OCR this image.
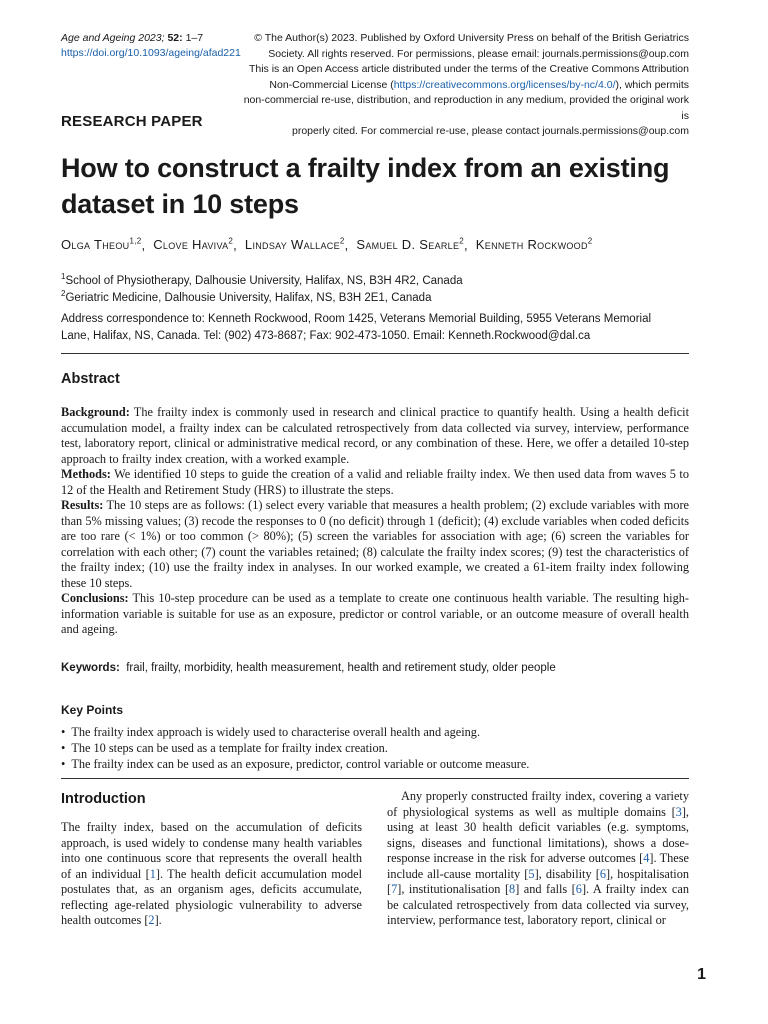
Age and Ageing 2023; 52: 1–7
https://doi.org/10.1093/ageing/afad221
© The Author(s) 2023. Published by Oxford University Press on behalf of the British Geriatrics
Society. All rights reserved. For permissions, please email: journals.permissions@oup.com
This is an Open Access article distributed under the terms of the Creative Commons Attribution
Non-Commercial License (https://creativecommons.org/licenses/by-nc/4.0/), which permits
non-commercial re-use, distribution, and reproduction in any medium, provided the original work is
properly cited. For commercial re-use, please contact journals.permissions@oup.com
RESEARCH PAPER
How to construct a frailty index from an existing dataset in 10 steps
Olga Theou$^{1,2}$,  Clove Haviva$^2$,  Lindsay Wallace$^2$,  Samuel D. Searle$^2$,  Kenneth Rockwood$^2$
$^1$School of Physiotherapy, Dalhousie University, Halifax, NS, B3H 4R2, Canada
$^2$Geriatric Medicine, Dalhousie University, Halifax, NS, B3H 2E1, Canada
Address correspondence to: Kenneth Rockwood, Room 1425, Veterans Memorial Building, 5955 Veterans Memorial Lane, Halifax, NS, Canada. Tel: (902) 473-8687; Fax: 902-473-1050. Email: Kenneth.Rockwood@dal.ca
Abstract
Background: The frailty index is commonly used in research and clinical practice to quantify health. Using a health deficit accumulation model, a frailty index can be calculated retrospectively from data collected via survey, interview, performance test, laboratory report, clinical or administrative medical record, or any combination of these. Here, we offer a detailed 10-step approach to frailty index creation, with a worked example.
Methods: We identified 10 steps to guide the creation of a valid and reliable frailty index. We then used data from waves 5 to 12 of the Health and Retirement Study (HRS) to illustrate the steps.
Results: The 10 steps are as follows: (1) select every variable that measures a health problem; (2) exclude variables with more than 5% missing values; (3) recode the responses to 0 (no deficit) through 1 (deficit); (4) exclude variables when coded deficits are too rare (< 1%) or too common (> 80%); (5) screen the variables for association with age; (6) screen the variables for correlation with each other; (7) count the variables retained; (8) calculate the frailty index scores; (9) test the characteristics of the frailty index; (10) use the frailty index in analyses. In our worked example, we created a 61-item frailty index following these 10 steps.
Conclusions: This 10-step procedure can be used as a template to create one continuous health variable. The resulting high-information variable is suitable for use as an exposure, predictor or control variable, or an outcome measure of overall health and ageing.
Keywords: frail, frailty, morbidity, health measurement, health and retirement study, older people
Key Points
• The frailty index approach is widely used to characterise overall health and ageing.
• The 10 steps can be used as a template for frailty index creation.
• The frailty index can be used as an exposure, predictor, control variable or outcome measure.
Introduction
The frailty index, based on the accumulation of deficits approach, is used widely to condense many health variables into one continuous score that represents the overall health of an individual [1]. The health deficit accumulation model postulates that, as an organism ages, deficits accumulate, reflecting age-related physiologic vulnerability to adverse health outcomes [2].
Any properly constructed frailty index, covering a variety of physiological systems as well as multiple domains [3], using at least 30 health deficit variables (e.g. symptoms, signs, diseases and functional limitations), shows a dose-response increase in the risk for adverse outcomes [4]. These include all-cause mortality [5], disability [6], hospitalisation [7], institutionalisation [8] and falls [6]. A frailty index can be calculated retrospectively from data collected via survey, interview, performance test, laboratory report, clinical or
1
